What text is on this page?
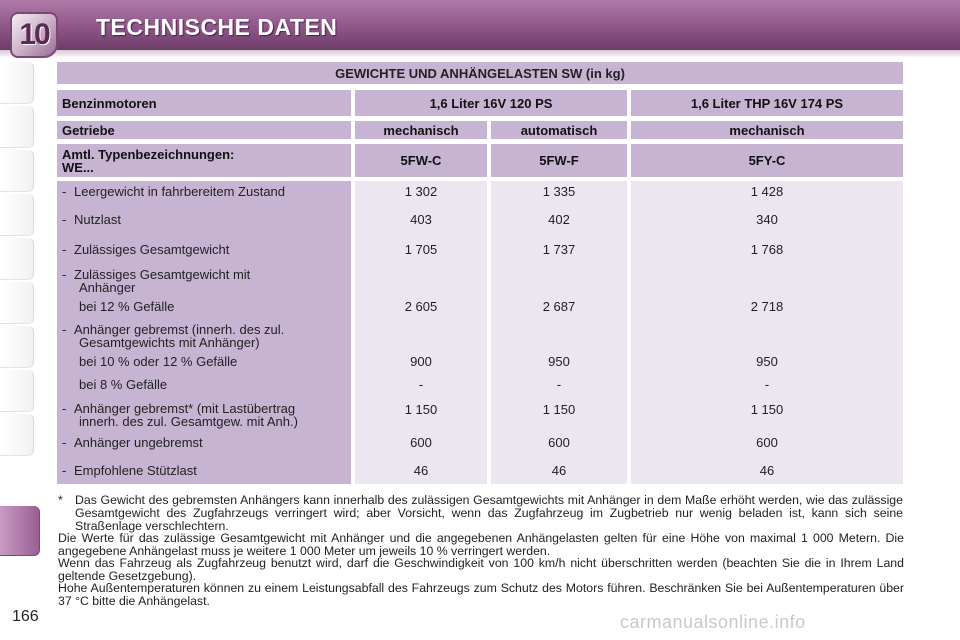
10 TECHNISCHE DATEN
166
GEWICHTE UND ANHÄNGELASTEN SW (in kg)
Benzinmotoren	1,6 Liter 16V 120 PS	1,6 Liter THP 16V 174 PS
Getriebe	mechanisch	automatisch	mechanisch
Amtl. Typenbezeichnungen:
WE...	5FW-C	5FW-F	5FY-C
- Leergewicht in fahrbereitem Zustand	1 302	1 335	1 428
- Nutzlast	403	402	340
- Zulässiges Gesamtgewicht	1 705	1 737	1 768
- Zulässiges Gesamtgewicht mit
Anhänger
bei 12 % Gefälle	2 605	2 687	2 718
- Anhänger gebremst (innerh. des zul.
Gesamtgewichts mit Anhänger)
bei 10 % oder 12 % Gefälle	900	950	950
bei 8 % Gefälle	-	-	-
- Anhänger gebremst* (mit Lastübertrag
innerh. des zul. Gesamtgew. mit Anh.)
1 150	1 150	1 150
- Anhänger ungebremst	600	600	600
- Empfohlene Stützlast	46	46	46
* Das Gewicht des gebremsten Anhängers kann innerhalb des zulässigen Gesamtgewichts mit Anhänger in dem Maße erhöht werden, wie das zulässige Gesamtgewicht des Zugfahrzeugs verringert wird; aber Vorsicht, wenn das Zugfahrzeug im Zugbetrieb nur wenig beladen ist, kann sich seine Straßenlage verschlechtern.
Die Werte für das zulässige Gesamtgewicht mit Anhänger und die angegebenen Anhängelasten gelten für eine Höhe von maximal 1 000 Metern. Die angegebene Anhängelast muss je weitere 1 000 Meter um jeweils 10 % verringert werden.
Wenn das Fahrzeug als Zugfahrzeug benutzt wird, darf die Geschwindigkeit von 100 km/h nicht überschritten werden (beachten Sie die in Ihrem Land geltende Gesetzgebung).
Hohe Außentemperaturen können zu einem Leistungsabfall des Fahrzeugs zum Schutz des Motors führen. Beschränken Sie bei Außentemperaturen über 37 °C bitte die Anhängelast.
carmanualsonline.info
